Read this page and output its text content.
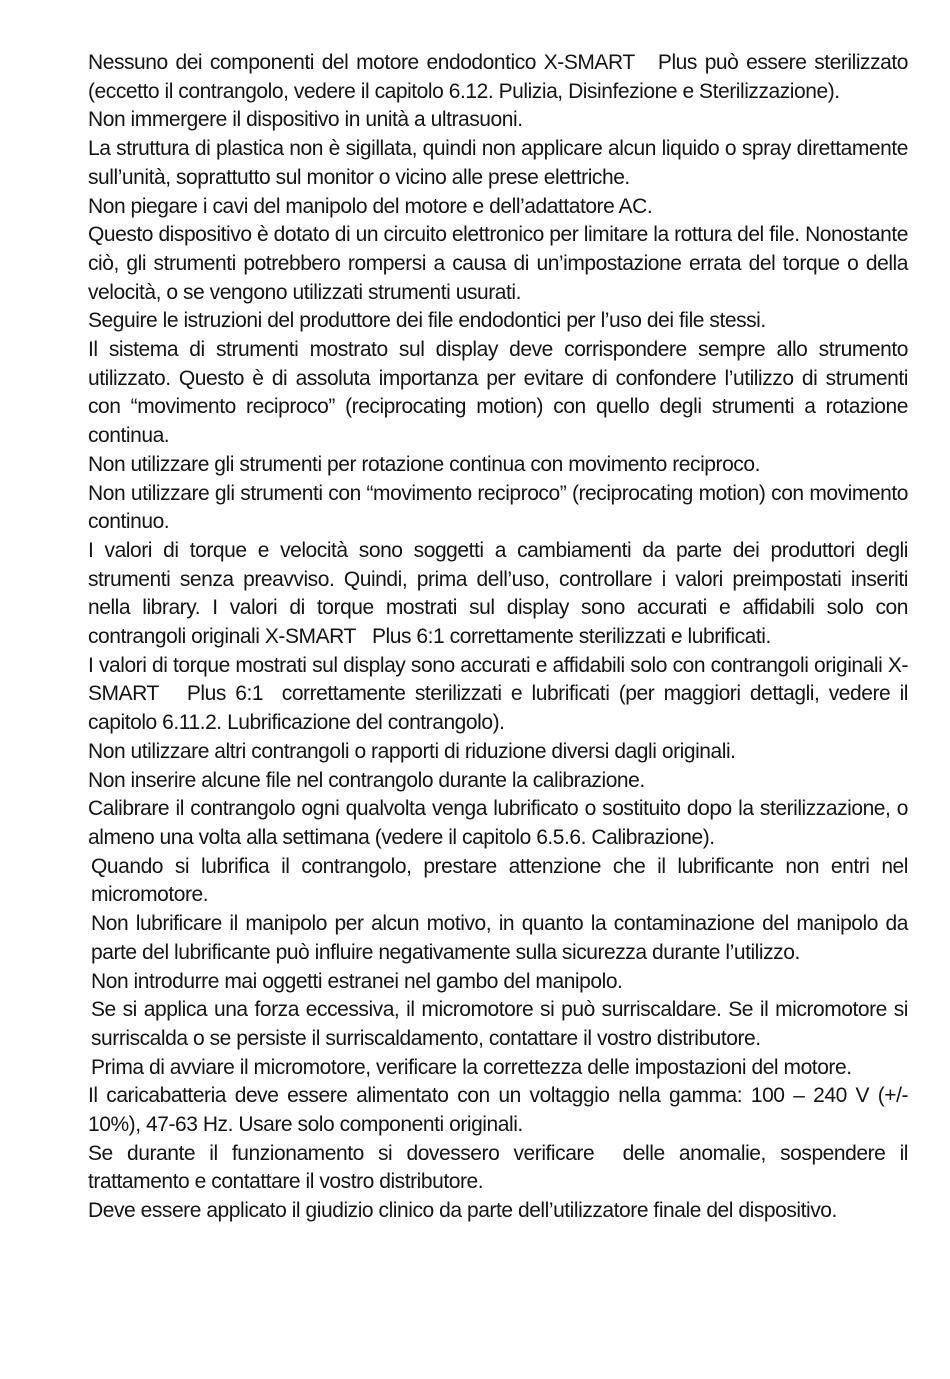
Nessuno dei componenti del motore endodontico X-SMART   Plus può essere sterilizzato (eccetto il contrangolo, vedere il capitolo 6.12. Pulizia, Disinfezione e Sterilizzazione).

Non immergere il dispositivo in unità a ultrasuoni.

La struttura di plastica non è sigillata, quindi non applicare alcun liquido o spray direttamente sull’unità, soprattutto sul monitor o vicino alle prese elettriche.

Non piegare i cavi del manipolo del motore e dell’adattatore AC.

Questo dispositivo è dotato di un circuito elettronico per limitare la rottura del file. Nonostante ciò, gli strumenti potrebbero rompersi a causa di un’impostazione errata del torque o della velocità, o se vengono utilizzati strumenti usurati.

Seguire le istruzioni del produttore dei file endodontici per l’uso dei file stessi.

Il sistema di strumenti mostrato sul display deve corrispondere sempre allo strumento utilizzato. Questo è di assoluta importanza per evitare di confondere l’utilizzo di strumenti con “movimento reciproco” (reciprocating motion) con quello degli strumenti a rotazione continua.

Non utilizzare gli strumenti per rotazione continua con movimento reciproco.

Non utilizzare gli strumenti con “movimento reciproco” (reciprocating motion) con movimento continuo.

I valori di torque e velocità sono soggetti a cambiamenti da parte dei produttori degli strumenti senza preavviso. Quindi, prima dell’uso, controllare i valori preimpostati inseriti nella library. I valori di torque mostrati sul display sono accurati e affidabili solo con contrangoli originali X-SMART   Plus 6:1 correttamente sterilizzati e lubrificati.

I valori di torque mostrati sul display sono accurati e affidabili solo con contrangoli originali X-SMART   Plus 6:1  correttamente sterilizzati e lubrificati (per maggiori dettagli, vedere il capitolo 6.11.2. Lubrificazione del contrangolo).

Non utilizzare altri contrangoli o rapporti di riduzione diversi dagli originali.

Non inserire alcune file nel contrangolo durante la calibrazione.

Calibrare il contrangolo ogni qualvolta venga lubrificato o sostituito dopo la sterilizzazione, o almeno una volta alla settimana (vedere il capitolo 6.5.6. Calibrazione).

Quando si lubrifica il contrangolo, prestare attenzione che il lubrificante non entri nel micromotore.

Non lubrificare il manipolo per alcun motivo, in quanto la contaminazione del manipolo da parte del lubrificante può influire negativamente sulla sicurezza durante l’utilizzo.

Non introdurre mai oggetti estranei nel gambo del manipolo.

Se si applica una forza eccessiva, il micromotore si può surriscaldare. Se il micromotore si surriscalda o se persiste il surriscaldamento, contattare il vostro distributore.

Prima di avviare il micromotore, verificare la correttezza delle impostazioni del motore.

Il caricabatteria deve essere alimentato con un voltaggio nella gamma: 100 – 240 V (+/- 10%), 47-63 Hz. Usare solo componenti originali.

Se durante il funzionamento si dovessero verificare  delle anomalie, sospendere il trattamento e contattare il vostro distributore.

Deve essere applicato il giudizio clinico da parte dell’utilizzatore finale del dispositivo.
